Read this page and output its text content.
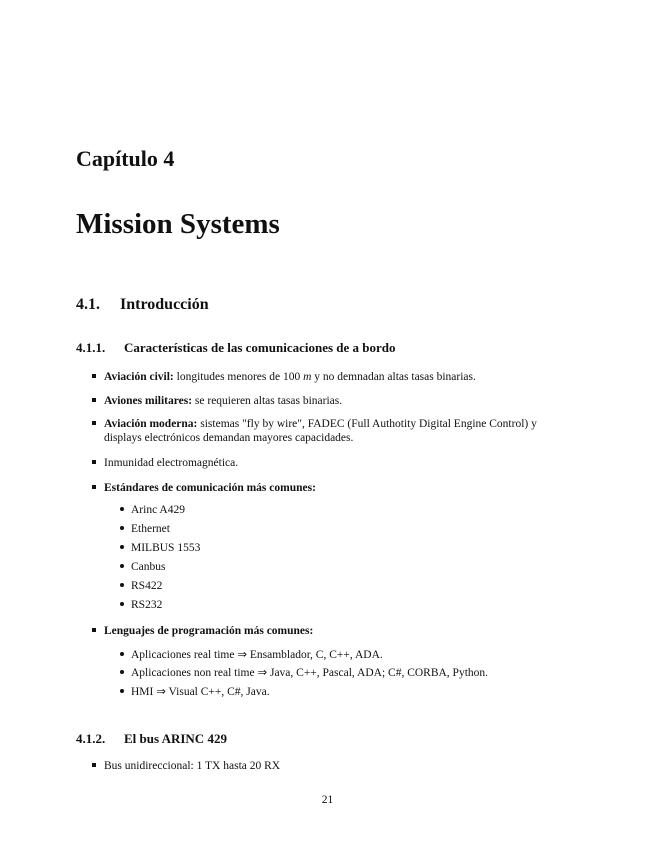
Capítulo 4
Mission Systems
4.1. Introducción
4.1.1. Características de las comunicaciones de a bordo
Aviación civil: longitudes menores de 100 m y no demnadan altas tasas binarias.
Aviones militares: se requieren altas tasas binarias.
Aviación moderna: sistemas "fly by wire", FADEC (Full Authotity Digital Engine Control) y
displays electrónicos demandan mayores capacidades.
Inmunidad electromagnética.
Estándares de comunicación más comunes:
Arinc A429
Ethernet
MILBUS 1553
Canbus
RS422
RS232
Lenguajes de programación más comunes:
Aplicaciones real time ⇒ Ensamblador, C, C++, ADA.
Aplicaciones non real time ⇒ Java, C++, Pascal, ADA; C#, CORBA, Python.
HMI ⇒ Visual C++, C#, Java.
4.1.2. El bus ARINC 429
Bus unidireccional: 1 TX hasta 20 RX
21
